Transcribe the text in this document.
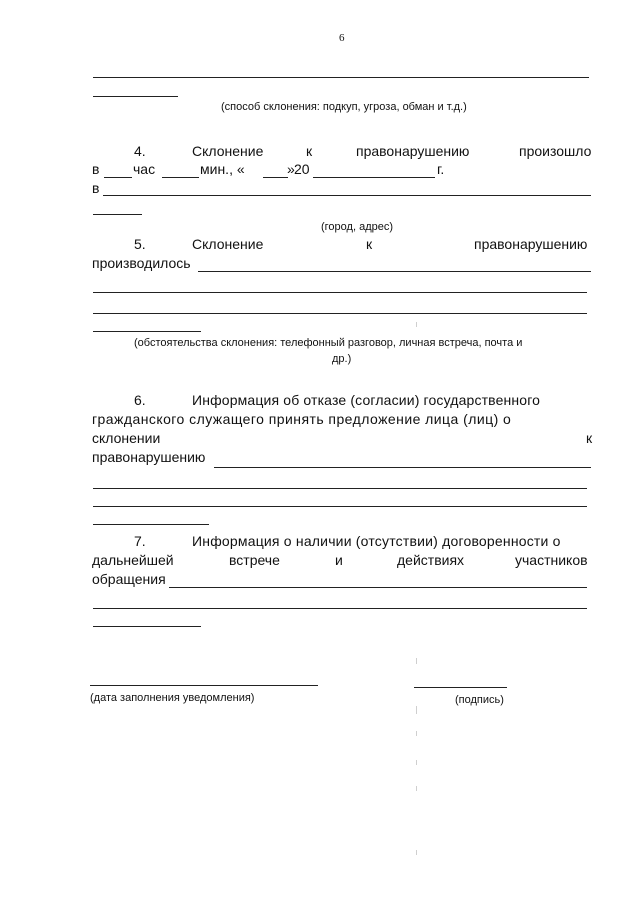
6
(способ склонения: подкуп, угроза, обман и т.д.)
4.	Склонение	к	правонарушению	произошло
в час	мин., «	» 20	г.
в
(город, адрес)
5.	Склонение	к	правонарушению
производилось
(обстоятельства склонения: телефонный разговор, личная встреча, почта и
др.)
6.	Информация об отказе (согласии) государственного
гражданского служащего принять предложение лица (лиц) о
склонении	к
правонарушению
7.	Информация о наличии (отсутствии) договоренности о
дальнейшей	встрече	и	действиях	участников
обращения
(дата заполнения уведомления)	(подпись)
